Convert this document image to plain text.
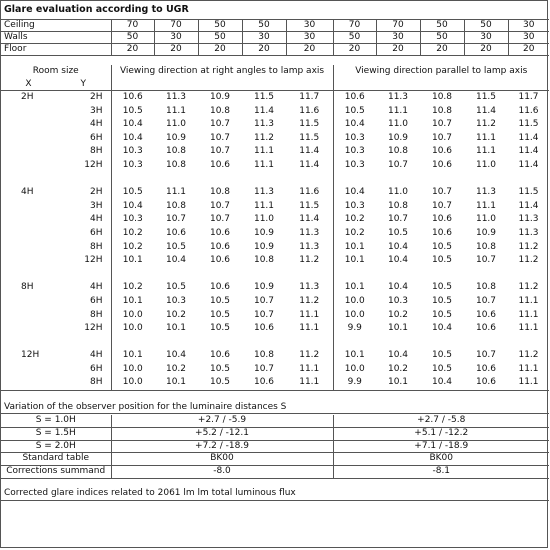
Glare evaluation according to UGR
Ceiling	70	70	50	50	30	70	70	50	50	30
Walls	50	30	50	30	30	50	30	50	30	30
Floor	20	20	20	20	20	20	20	20	20	20
Room size		Viewing direction at right angles to lamp axis					Viewing direction parallel to lamp axis				
X	Y										
2H	2H	10.6	11.3	10.9	11.5	11.7	10.6	11.3	10.8	11.5	11.7
	3H	10.5	11.1	10.8	11.4	11.6	10.5	11.1	10.8	11.4	11.6
	4H	10.4	11.0	10.7	11.3	11.5	10.4	11.0	10.7	11.2	11.5
	6H	10.4	10.9	10.7	11.2	11.5	10.3	10.9	10.7	11.1	11.4
	8H	10.3	10.8	10.7	11.1	11.4	10.3	10.8	10.6	11.1	11.4
	12H	10.3	10.8	10.6	11.1	11.4	10.3	10.7	10.6	11.0	11.4

4H	2H	10.5	11.1	10.8	11.3	11.6	10.4	11.0	10.7	11.3	11.5
	3H	10.4	10.8	10.7	11.1	11.5	10.3	10.8	10.7	11.1	11.4
	4H	10.3	10.7	10.7	11.0	11.4	10.2	10.7	10.6	11.0	11.3
	6H	10.2	10.6	10.6	10.9	11.3	10.2	10.5	10.6	10.9	11.3
	8H	10.2	10.5	10.6	10.9	11.3	10.1	10.4	10.5	10.8	11.2
	12H	10.1	10.4	10.6	10.8	11.2	10.1	10.4	10.5	10.7	11.2

8H	4H	10.2	10.5	10.6	10.9	11.3	10.1	10.4	10.5	10.8	11.2
	6H	10.1	10.3	10.5	10.7	11.2	10.0	10.3	10.5	10.7	11.1
	8H	10.0	10.2	10.5	10.7	11.1	10.0	10.2	10.5	10.6	11.1
	12H	10.0	10.1	10.5	10.6	11.1	9.9	10.1	10.4	10.6	11.1

12H	4H	10.1	10.4	10.6	10.8	11.2	10.1	10.4	10.5	10.7	11.2
	6H	10.0	10.2	10.5	10.7	11.1	10.0	10.2	10.5	10.6	11.1
	8H	10.0	10.1	10.5	10.6	11.1	9.9	10.1	10.4	10.6	11.1
Variation of the observer position for the luminaire distances S
S = 1.0H	+2.7 / -5.9	+2.7 / -5.8
S = 1.5H	+5.2 / -12.1	+5.1 / -12.2
S = 2.0H	+7.2 / -18.9	+7.1 / -18.9
Standard table	BK00	BK00
Corrections summand	-8.0	-8.1
Corrected glare indices related to 2061 lm lm total luminous flux
